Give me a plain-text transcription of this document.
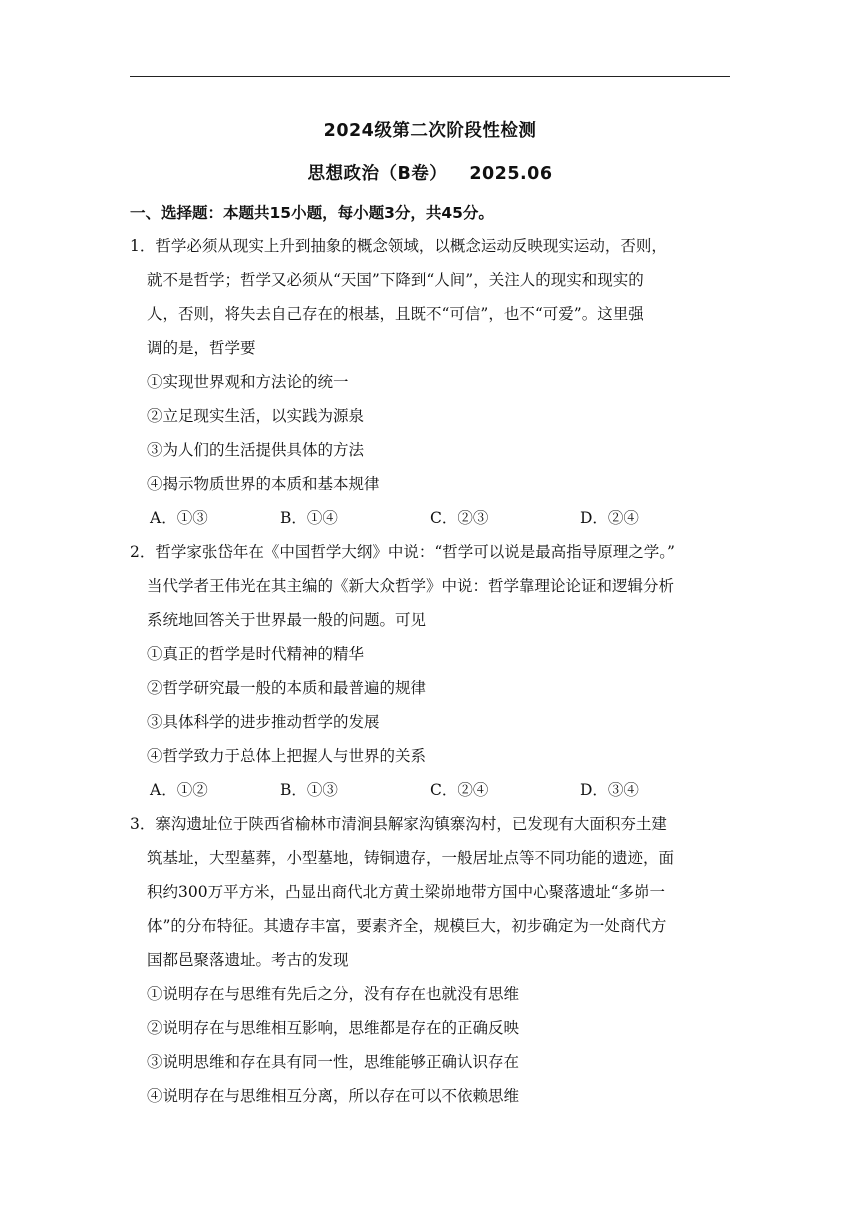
2024级第二次阶段性检测
思想政治（B卷） 2025.06
一、选择题：本题共15小题，每小题3分，共45分。
1．哲学必须从现实上升到抽象的概念领域，以概念运动反映现实运动，否则，
就不是哲学；哲学又必须从“天国”下降到“人间”，关注人的现实和现实的
人，否则，将失去自己存在的根基，且既不“可信”，也不“可爱”。这里强
调的是，哲学要
①实现世界观和方法论的统一
②立足现实生活，以实践为源泉
③为人们的生活提供具体的方法
④揭示物质世界的本质和基本规律
A．①③	B．①④	C．②③	D．②④
2．哲学家张岱年在《中国哲学大纲》中说：“哲学可以说是最高指导原理之学。”
当代学者王伟光在其主编的《新大众哲学》中说：哲学靠理论论证和逻辑分析
系统地回答关于世界最一般的问题。可见
①真正的哲学是时代精神的精华
②哲学研究最一般的本质和最普遍的规律
③具体科学的进步推动哲学的发展
④哲学致力于总体上把握人与世界的关系
A．①②	B．①③	C．②④	D．③④
3．寨沟遗址位于陕西省榆林市清涧县解家沟镇寨沟村，已发现有大面积夯土建
筑基址，大型墓葬，小型墓地，铸铜遗存，一般居址点等不同功能的遗迹，面
积约300万平方米，凸显出商代北方黄土梁峁地带方国中心聚落遗址“多峁一
体”的分布特征。其遗存丰富，要素齐全，规模巨大，初步确定为一处商代方
国都邑聚落遗址。考古的发现
①说明存在与思维有先后之分，没有存在也就没有思维
②说明存在与思维相互影响，思维都是存在的正确反映
③说明思维和存在具有同一性，思维能够正确认识存在
④说明存在与思维相互分离，所以存在可以不依赖思维
